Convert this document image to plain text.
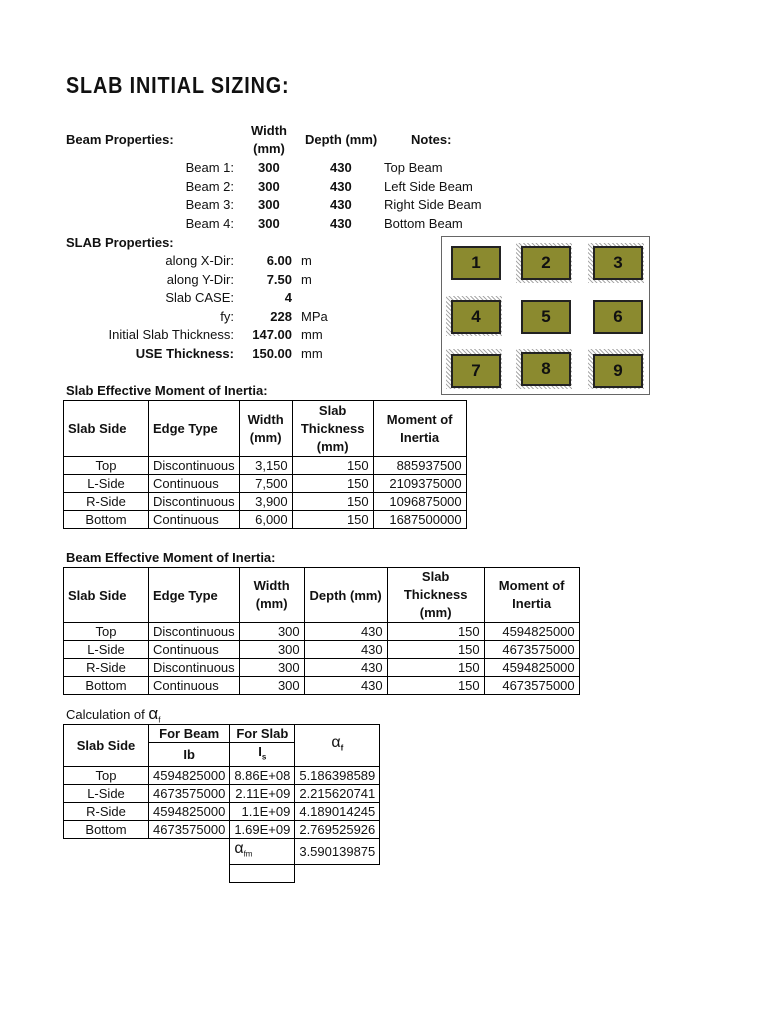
SLAB INITIAL SIZING:
Beam Properties:
Width
(mm)
Depth (mm)	Notes:
Beam 1: 300	430 Top Beam
Beam 2: 300	430 Left Side Beam
Beam 3: 300	430 Right Side Beam
Beam 4: 300	430 Bottom Beam
SLAB Properties:
along X-Dir:	6.00 m
along Y-Dir:	7.50 m
Slab CASE:	4
fy:	228 MPa
Initial Slab Thickness:	147.00 mm
USE Thickness:	150.00 mm
1	2	3
4	5	6
7	8	9
Slab Effective Moment of Inertia:
Slab Side	Edge Type	Width (mm)	Slab Thickness (mm)	Moment of Inertia
Top	Discontinuous	3,150	150	885937500
L-Side	Continuous	7,500	150	2109375000
R-Side	Discontinuous	3,900	150	1096875000
Bottom	Continuous	6,000	150	1687500000
Beam Effective Moment of Inertia:
Slab Side	Edge Type	Width (mm)	Depth (mm)	Slab Thickness (mm)	Moment of Inertia
Top	Discontinuous	300	430	150	4594825000
L-Side	Continuous	300	430	150	4673575000
R-Side	Discontinuous	300	430	150	4594825000
Bottom	Continuous	300	430	150	4673575000
Calculation of $\alpha_f$
Slab Side	For Beam	For Slab	$\alpha_f$
	Ib	$I_s$
Top	4594825000	8.86E+08	5.186398589
L-Side	4673575000	2.11E+09	2.215620741
R-Side	4594825000	1.1E+09	4.189014245
Bottom	4673575000	1.69E+09	2.769525926
		$\alpha_{fm}$	3.590139875
